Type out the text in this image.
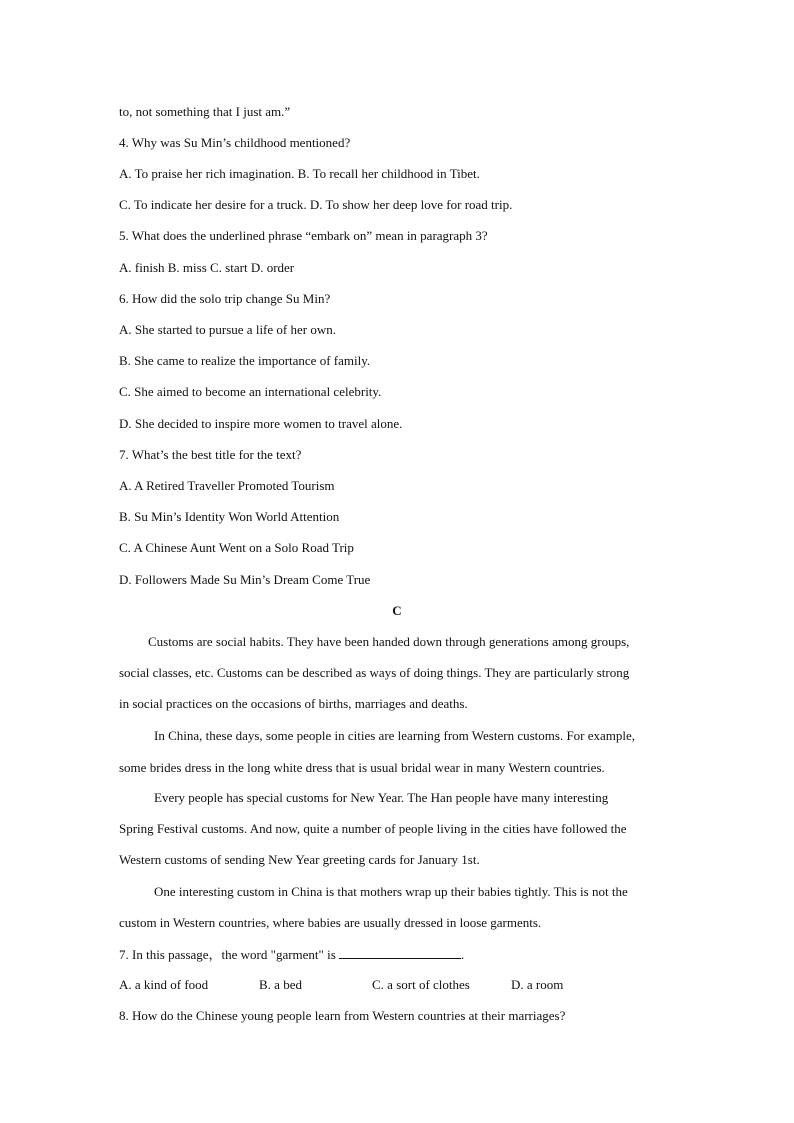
to, not something that I just am.”

4. Why was Su Min’s childhood mentioned?

A. To praise her rich imagination. B. To recall her childhood in Tibet.

C. To indicate her desire for a truck. D. To show her deep love for road trip.

5. What does the underlined phrase “embark on” mean in paragraph 3?

A. finish B. miss C. start D. order

6. How did the solo trip change Su Min?

A. She started to pursue a life of her own.

B. She came to realize the importance of family.

C. She aimed to become an international celebrity.

D. She decided to inspire more women to travel alone.

7. What’s the best title for the text?

A. A Retired Traveller Promoted Tourism

B. Su Min’s Identity Won World Attention

C. A Chinese Aunt Went on a Solo Road Trip

D. Followers Made Su Min’s Dream Come True

C

Customs are social habits. They have been handed down through generations among groups,

social classes, etc. Customs can be described as ways of doing things. They are particularly strong

in social practices on the occasions of births, marriages and deaths.

In China, these days, some people in cities are learning from Western customs. For example,

some brides dress in the long white dress that is usual bridal wear in many Western countries.

Every people has special customs for New Year. The Han people have many interesting

Spring Festival customs. And now, quite a number of people living in the cities have followed the

Western customs of sending New Year greeting cards for January 1st.

One interesting custom in China is that mothers wrap up their babies tightly. This is not the

custom in Western countries, where babies are usually dressed in loose garments.

7. In this passage，the word "garment" is	.

A. a kind of food	B. a bed	C. a sort of clothes	D. a room

8. How do the Chinese young people learn from Western countries at their marriages?
